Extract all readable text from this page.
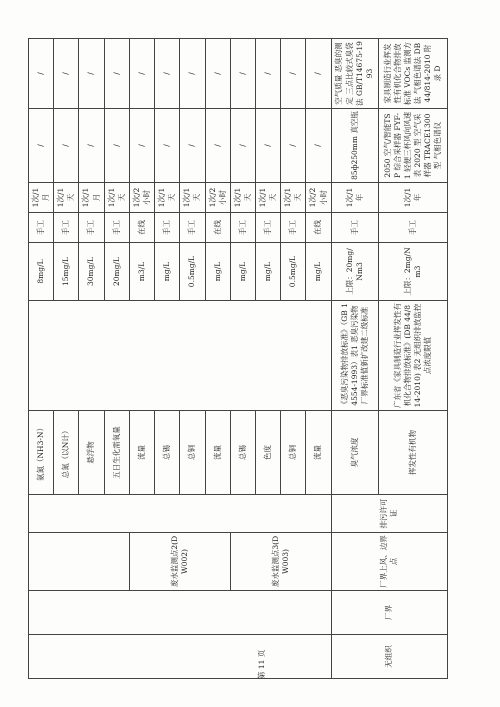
				氨氮（NH3-N）		8mg/L	手工	1次/1月	/	/
				总氮（以N计）		15mg/L	手工	1次/1天	/	/
				悬浮物		30mg/L	手工	1次/1月	/	/
				五日生化需氧量		20mg/L	手工	1次/1天	/	/
		废水监测点2(DW002)		流量		m3/L	在线	1次/2小时	/	/
				总锡		mg/L	手工	1次/1天	/	/
				总铜		0.5mg/L	手工	1次/1天	/	/
				流量		mg/L	在线	1次/2小时	/	/
		废水监测点3(DW003)		总锡		mg/L	手工	1次/1天	/	/
				色度		mg/L	手工	1次/1天	/	/
				总铜		0.5mg/L	手工	1次/1天	/	/
				流量		mg/L	在线	1次/2小时	/	/
无组织	厂界	厂界上风、边界点	排污许可证	臭气浓度	《恶臭污染物排放标准》（GB 14554-1993）表1 恶臭污染物厂界标准值新扩改建二级标准	上限：20mg/Nm3	手工	1次/1年	85ф250mm 真空瓶	空气质量 恶臭的测定 三点比较式臭袋法 GB/T14675-1993
				挥发性有机物	广东省《家具制造行业挥发性有机化合物排放标准》(DB 44/814-2010) 表2 无组织排放监控点浓度限值	上限：2mg/Nm3	手工	1次/1年	2050 空气/智能TSP 综合采样器 FYF-1 轻便三杯风向风速表 2020 型 空气采样器 TRACE1300 型 气相色谱仪	家具制造行业挥发性有机化合物排放标准 VOCs 监测方法 气相色谱法 DB 44/814-2010 附录 D
第 11 页
